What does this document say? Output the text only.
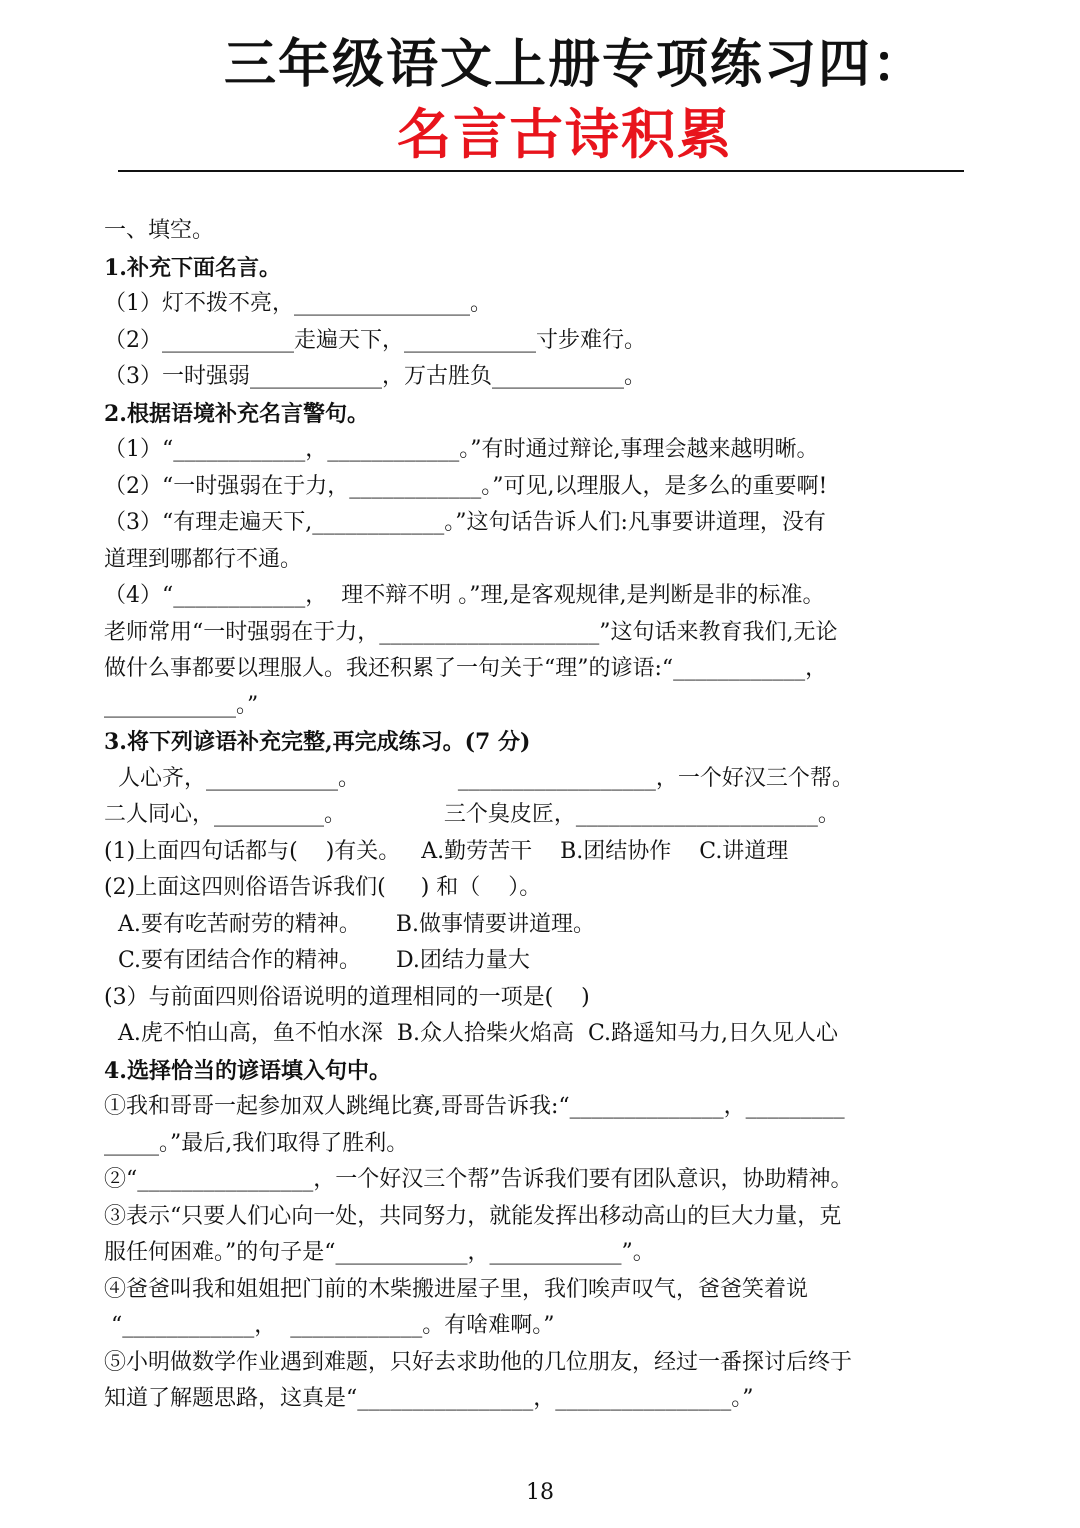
三年级语文上册专项练习四：
名言古诗积累
一、填空。
1.补充下面名言。
（1）灯不拨不亮，________________。
（2）____________走遍天下，____________寸步难行。
（3）一时强弱____________，万古胜负____________。
2.根据语境补充名言警句。
（1）“____________，____________。”有时通过辩论,事理会越来越明晰。
（2）“一时强弱在于力，____________。”可见,以理服人，是多么的重要啊!
（3）“有理走遍天下,____________。”这句话告诉人们:凡事要讲道理，没有
道理到哪都行不通。
（4）“____________，  理不辩不明 。”理,是客观规律,是判断是非的标准。
老师常用“一时强弱在于力，____________________”这句话来教育我们,无论
做什么事都要以理服人。我还积累了一句关于“理”的谚语:“____________，
____________。”
3.将下列谚语补充完整,再完成练习。(7 分)
人心齐，____________。              __________________，一个好汉三个帮。
二人同心，__________。              三个臭皮匠，______________________。
(1)上面四句话都与(    )有关。   A.勤劳苦干    B.团结协作    C.讲道理
(2)上面这四则俗语告诉我们(     ) 和（    ）。
A.要有吃苦耐劳的精神。     B.做事情要讲道理。
C.要有团结合作的精神。     D.团结力量大
(3）与前面四则俗语说明的道理相同的一项是(    )
A.虎不怕山高，鱼不怕水深  B.众人拾柴火焰高  C.路遥知马力,日久见人心
4.选择恰当的谚语填入句中。
①我和哥哥一起参加双人跳绳比赛,哥哥告诉我:“______________，_________
_____。”最后,我们取得了胜利。
②“________________，一个好汉三个帮”告诉我们要有团队意识，协助精神。
③表示“只要人们心向一处，共同努力，就能发挥出移动高山的巨大力量，克
服任何困难。”的句子是“____________，____________”。
④爸爸叫我和姐姐把门前的木柴搬进屋子里，我们唉声叹气，爸爸笑着说
“____________，  ____________。有啥难啊。”
⑤小明做数学作业遇到难题，只好去求助他的几位朋友，经过一番探讨后终于
知道了解题思路，这真是“________________，________________。”
18
